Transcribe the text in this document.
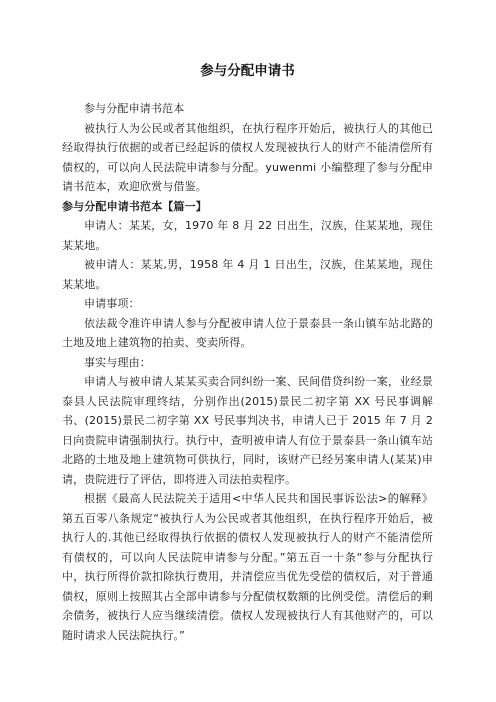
参与分配申请书

参与分配申请书范本

被执行人为公民或者其他组织，在执行程序开始后，被执行人的其他已经取得执行依据的或者已经起诉的债权人发现被执行人的财产不能清偿所有债权的，可以向人民法院申请参与分配。yuwenmi 小编整理了参与分配申请书范本，欢迎欣赏与借鉴。

参与分配申请书范本【篇一】

申请人：某某，女，1970 年 8 月 22 日出生，汉族，住某某地，现住某某地。

被申请人：某某,男，1958 年 4 月 1 日出生，汉族，住某某地，现住某某地。

申请事项：

依法裁令准许申请人参与分配被申请人位于景泰县一条山镇车站北路的土地及地上建筑物的拍卖、变卖所得。

事实与理由：

申请人与被申请人某某买卖合同纠纷一案、民间借贷纠纷一案，业经景泰县人民法院审理终结，分别作出(2015)景民二初字第 XX 号民事调解书、(2015)景民二初字第 XX 号民事判决书，申请人已于 2015 年 7 月 2 日向贵院申请强制执行。执行中，查明被申请人有位于景泰县一条山镇车站北路的土地及地上建筑物可供执行，同时，该财产已经另案申请人(某某)申请，贵院进行了评估，即将进入司法拍卖程序。

根据《最高人民法院关于适用<中华人民共和国民事诉讼法>的解释》第五百零八条规定“被执行人为公民或者其他组织，在执行程序开始后，被执行人的.其他已经取得执行依据的债权人发现被执行人的财产不能清偿所有债权的，可以向人民法院申请参与分配。”第五百一十条“参与分配执行中，执行所得价款扣除执行费用，并清偿应当优先受偿的债权后，对于普通债权，原则上按照其占全部申请参与分配债权数额的比例受偿。清偿后的剩余债务，被执行人应当继续清偿。债权人发现被执行人有其他财产的，可以随时请求人民法院执行。”
